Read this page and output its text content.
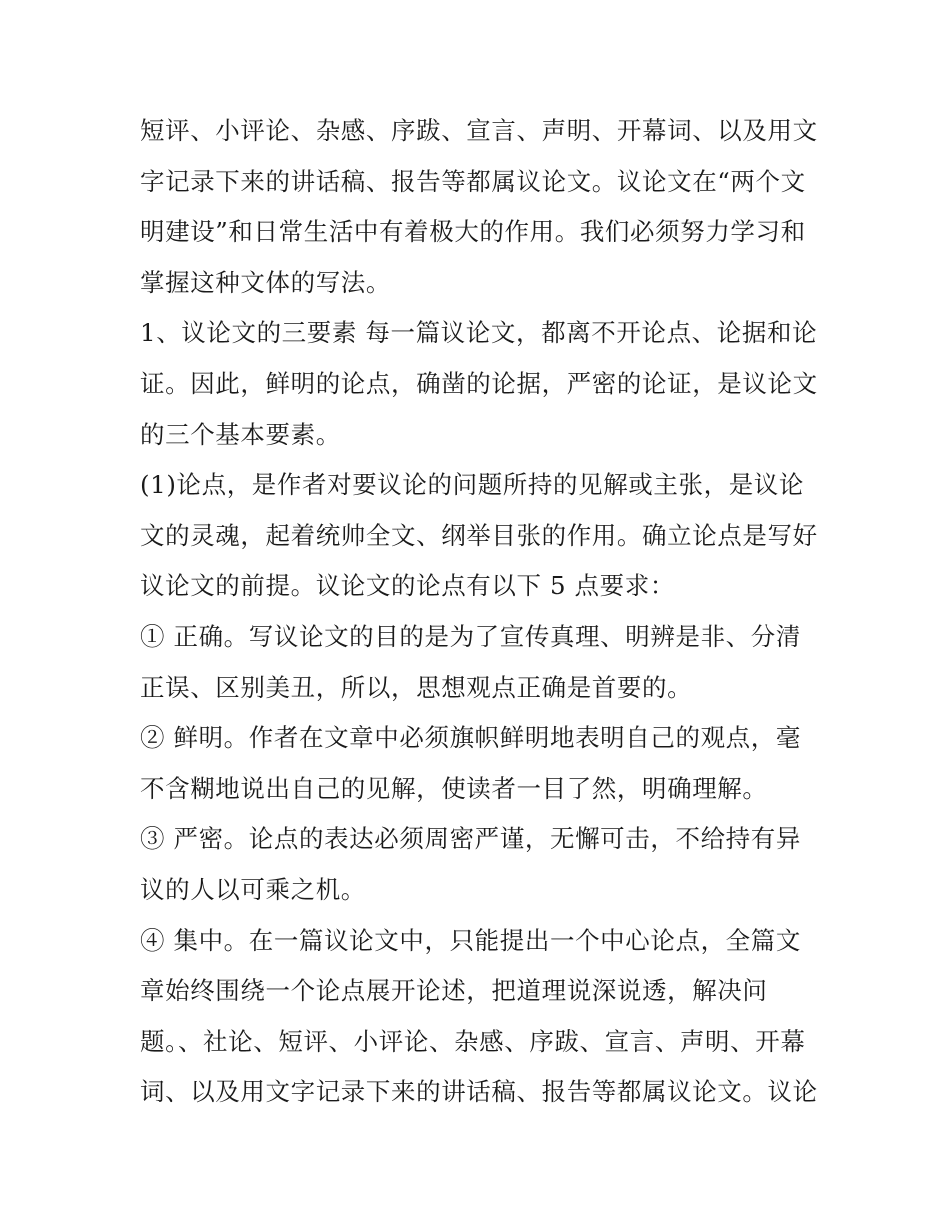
短评、小评论、杂感、序跋、宣言、声明、开幕词、以及用文
字记录下来的讲话稿、报告等都属议论文。议论文在“两个文
明建设”和日常生活中有着极大的作用。我们必须努力学习和
掌握这种文体的写法。
1、议论文的三要素 每一篇议论文，都离不开论点、论据和论
证。因此，鲜明的论点，确凿的论据，严密的论证，是议论文
的三个基本要素。
(1)论点，是作者对要议论的问题所持的见解或主张，是议论
文的灵魂，起着统帅全文、纲举目张的作用。确立论点是写好
议论文的前提。议论文的论点有以下 5 点要求：
① 正确。写议论文的目的是为了宣传真理、明辨是非、分清
正误、区别美丑，所以，思想观点正确是首要的。
② 鲜明。作者在文章中必须旗帜鲜明地表明自己的观点，毫
不含糊地说出自己的见解，使读者一目了然，明确理解。
③ 严密。论点的表达必须周密严谨，无懈可击，不给持有异
议的人以可乘之机。
④ 集中。在一篇议论文中，只能提出一个中心论点，全篇文
章始终围绕一个论点展开论述，把道理说深说透，解决问
题。、社论、短评、小评论、杂感、序跋、宣言、声明、开幕
词、以及用文字记录下来的讲话稿、报告等都属议论文。议论
